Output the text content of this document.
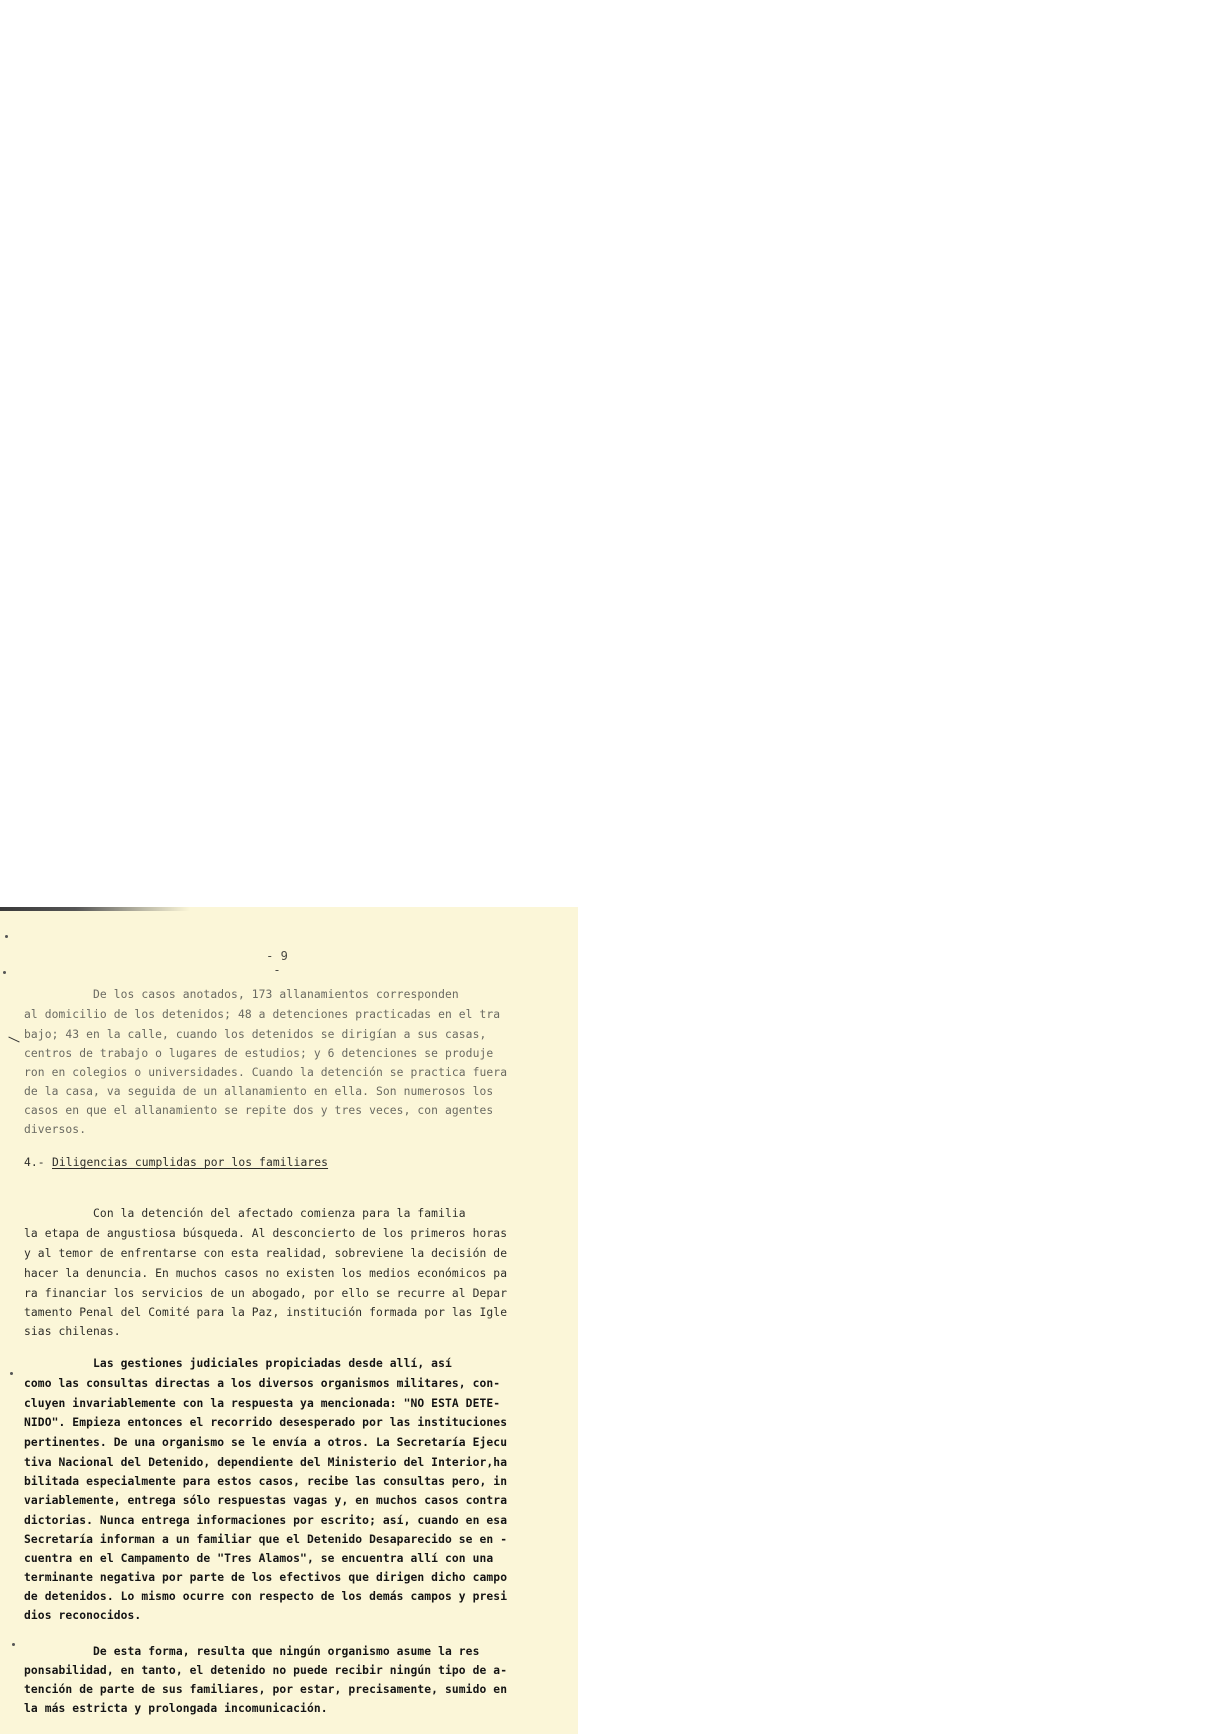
- 9 -
De los casos anotados, 173 allanamientos corresponden
al domicilio de los detenidos; 48 a detenciones practicadas en el tra
bajo; 43 en la calle, cuando los detenidos se dirigían a sus casas,
centros de trabajo o lugares de estudios; y 6 detenciones se produje
ron en colegios o universidades. Cuando la detención se practica fuera
de la casa, va seguida de un allanamiento en ella. Son numerosos los
casos en que el allanamiento se repite dos y tres veces, con agentes
diversos.
4.- Diligencias cumplidas por los familiares
Con la detención del afectado comienza para la familia
la etapa de angustiosa búsqueda. Al desconcierto de los primeros horas
y al temor de enfrentarse con esta realidad, sobreviene la decisión de
hacer la denuncia. En muchos casos no existen los medios económicos pa
ra financiar los servicios de un abogado, por ello se recurre al Depar
tamento Penal del Comité para la Paz, institución formada por las Igle
sias chilenas.
Las gestiones judiciales propiciadas desde allí, así
como las consultas directas a los diversos organismos militares, con-
cluyen invariablemente con la respuesta ya mencionada: "NO ESTA DETE-
NIDO". Empieza entonces el recorrido desesperado por las instituciones
pertinentes. De una organismo se le envía a otros. La Secretaría Ejecu
tiva Nacional del Detenido, dependiente del Ministerio del Interior,ha
bilitada especialmente para estos casos, recibe las consultas pero, in
variablemente, entrega sólo respuestas vagas y, en muchos casos contra
dictorias. Nunca entrega informaciones por escrito; así, cuando en esa
Secretaría informan a un familiar que el Detenido Desaparecido se en -
cuentra en el Campamento de "Tres Alamos", se encuentra allí con una
terminante negativa por parte de los efectivos que dirigen dicho campo
de detenidos. Lo mismo ocurre con respecto de los demás campos y presi
dios reconocidos.
De esta forma, resulta que ningún organismo asume la res
ponsabilidad, en tanto, el detenido no puede recibir ningún tipo de a-
tención de parte de sus familiares, por estar, precisamente, sumido en
la más estricta y prolongada incomunicación.
